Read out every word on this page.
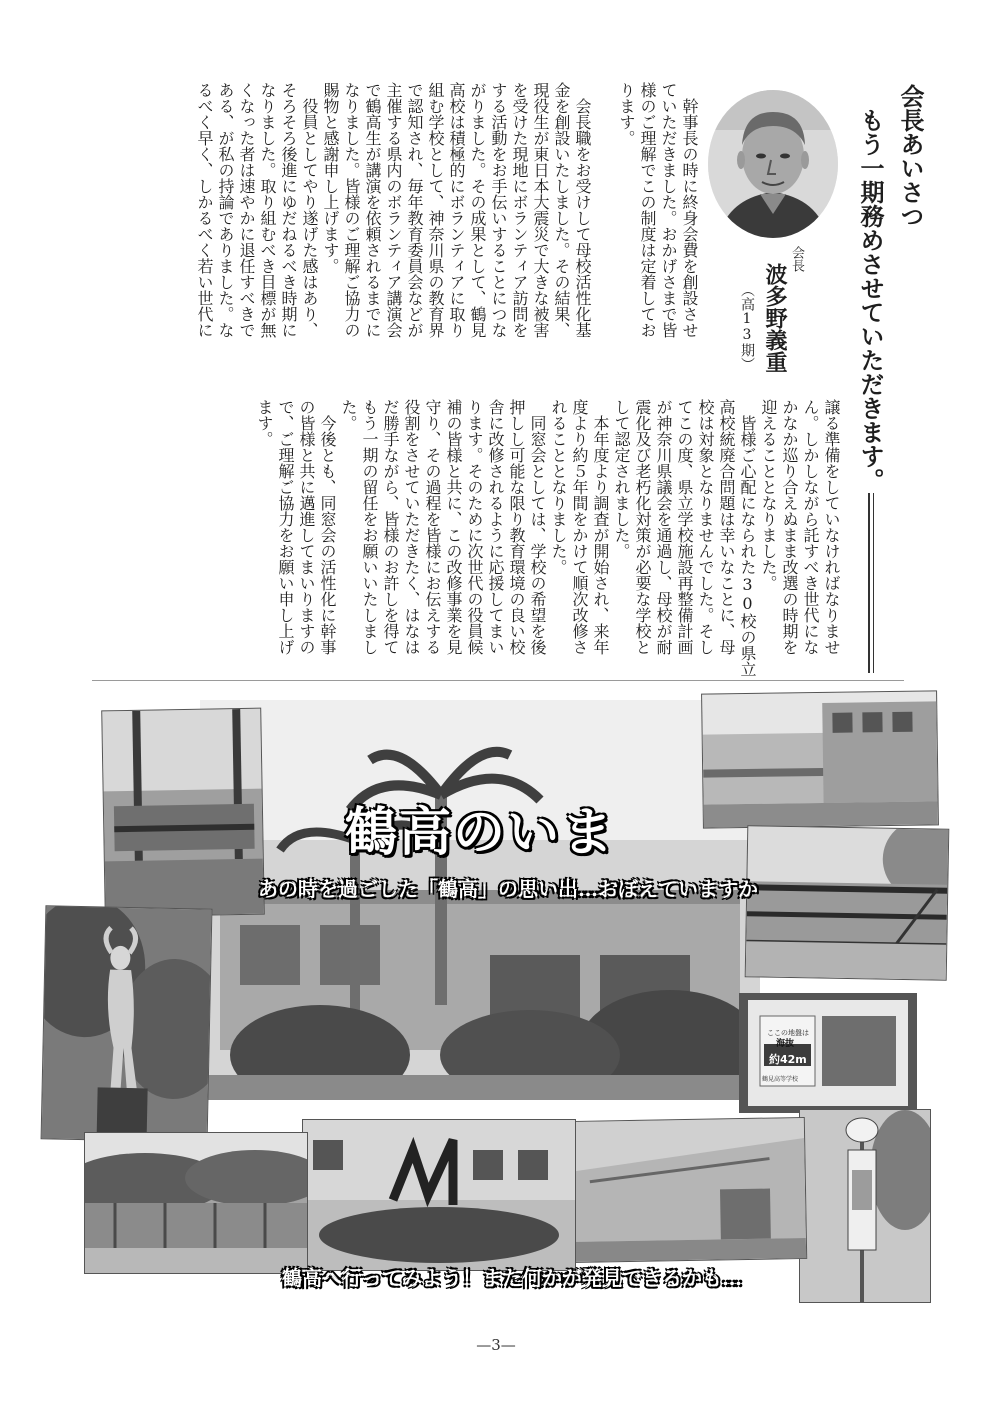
会長あいさつ

もう一期務めさせていただきます。

会長

波多野義重

（高13期）

譲る準備をしていなければなりませ

ん。しかしながら託すべき世代にな

かなか巡り合えぬまま改選の時期を

迎えることとなりました。

　皆様ご心配になられた30校の県立

高校統廃合問題は幸いなことに、母

校は対象となりませんでした。そし

てこの度、県立学校施設再整備計画

が神奈川県議会を通過し、母校が耐

震化及び老朽化対策が必要な学校と

して認定されました。

　本年度より調査が開始され、来年

度より約５年間をかけて順次改修さ

れることとなりました。

　同窓会としては、学校の希望を後

押しし可能な限り教育環境の良い校

舎に改修されるように応援してまい

ります。そのために次世代の役員候

補の皆様と共に、この改修事業を見

守り、その過程を皆様にお伝えする

役割をさせていただきたく、はなは

だ勝手ながら、皆様のお許しを得て

もう一期の留任をお願いいたしまし

た。

　今後とも、同窓会の活性化に幹事

の皆様と共に邁進してまいりますの

で、ご理解ご協力をお願い申し上げ

ます。

　幹事長の時に終身会費を創設させ

ていただきました。おかげさまで皆

様のご理解でこの制度は定着してお

ります。

　会長職をお受けして母校活性化基

金を創設いたしました。その結果、

現役生が東日本大震災で大きな被害

を受けた現地にボランティア訪問を

する活動をお手伝いすることにつな

がりました。その成果として、鶴見

高校は積極的にボランティアに取り

組む学校として、神奈川県の教育界

で認知され、毎年教育委員会などが

主催する県内のボランティア講演会

で鶴高生が講演を依頼されるまでに

なりました。皆様のご理解ご協力の

賜物と感謝申し上げます。

　役員としてやり遂げた感はあり、

そろそろ後進にゆだねるべき時期に

なりました。取り組むべき目標が無

くなった者は速やかに退任すべきで

ある、が私の持論でありました。な

るべく早く、しかるべく若い世代に

ここの地盤は
海抜
約42m
鶴見高等学校
鶴高のいま
あの時を過ごした「鶴高」の思い出…おぼえていますか
鶴高へ行ってみよう！また何かが発見できるかも…
—3—
